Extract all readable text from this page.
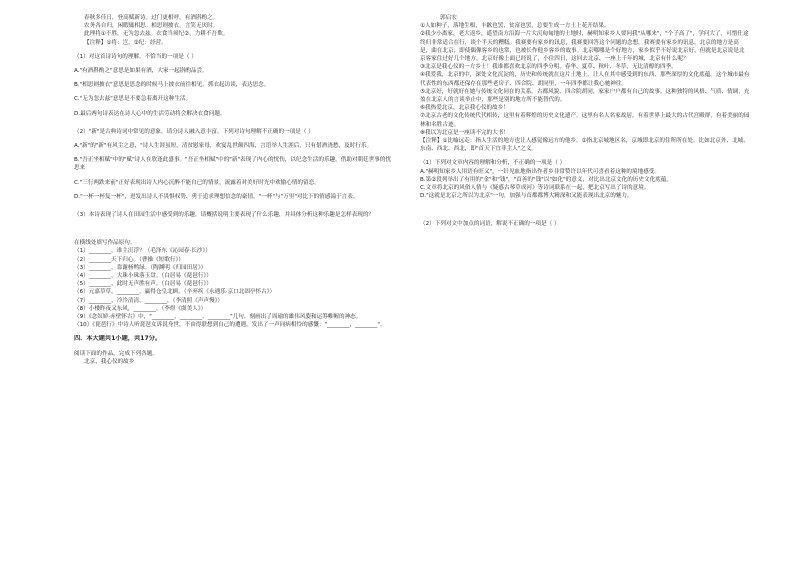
春秋多佳日，登高赋新诗。过门更相呼，有酒斟酌之。
农务各自归，闲暇辄相思。相思则披衣，言笑无厌时。
此理将①不胜，无为忽去兹。衣食当须纪②，力耕不吾欺。
【注释】①将：岂。②纪：经营。
（1）对这首诗诗句的理解，不恰当的一项是（ ）
A."有酒斟酌之"意思是如果有酒，大家一起斟酌品尝。
B."相思则披衣"意思是思念的时候马上披衣前往相见，抓衣起访谈，表达思念。
C."无为忽去兹"意思是不要急着离开这种生活。
D.最后两句诗表达在诗人心中的生活劳动将会解决衣食问题。
（2）"新"是古典诗词中常见的意象，请分诗人融入意丰富。下列对诗句理解不正确的一项是（ ）
A."新"的"新"有风尘之意，"诗人生涯虽短，清贫慰家母，欢宴乱世颠四海，言语举人生涯后，只有借酒浇愁，及时行乐。
B."吾正坐相赋"中的"赋"诗人在欣逢此盛事。"吾正坐相赋"中的"新"表现了内心的忧伤，以纪念生活的乐趣，借助对朝廷世事的忧思来
C."三行两跌来前"正好表现出诗人内心沉醉不能自已的情景，流露着对美好时光中欢愉心情的留恋。
D."一杯一杯复一杯"，迸发出诗人不畏惧权势、勇于追求理想信念的豪情，"一杯"与"万里"对比下的情感溢于言表。
（3）本诗表现了诗人在田园生活中感受到的乐趣，请概括说明主要表现了什么乐趣，并具体分析这种乐趣是怎样表现的？
在横线处填写作品原句。
（1）________，谁主沉浮？（毛泽东《沁园春·长沙》）
（2）________天下归心。（曹操《短歌行》）
（3）________，靠谢杨鸭绿。（陶渊明《归园田居》）
（4）________，大珠小珠落玉盘。（白居易《琵琶行》）
（5）________，此时无声胜有声。（白居易《琵琶行》）
（6）元嘉草草，________，赢得仓皇北顾。（辛弃疾《永遇乐·京口北固亭怀古》）
（7）________，冷冷清清，________，（李清照《声声慢》）
（8）小楼昨夜又东风，________。（李煜《虞美人》）
（9）《念奴娇·赤壁怀古》中，"________，________，________"几句，刻画出了周瑜的雄伟风姿和运筹帷幄的神态。
（10）《琵琶行》中诗人听琵琶女诉说身世，不由得联想到自己的遭遇，发出了一声同病相怜的感慨："________，________"。
四．本大题共1小题，共17分。
阅读下面的作品，完成下列各题。
北京，我心仪的故乡
郭启宏
①人如种子，落地生根，丰歉也罢，贫富也罢，总要生成一方土上花开结果。
②我少小离家，老大返乡，遥望南方沿海一片大沉甸甸地的土地时，赫明知家乡人要问我"从哪来"，"个子高了"，学问大了，可惜仕途终归非常适合在行，谈个半天的糟糕。我赛要有家乡的讯息，我赛要回答这个问题的念想。我赛要有家乡的讯息，北京的地方是高是，曲在北京，即使偶像客乡的也常，也被长作他乡客乡的故事。北京哪哪是个好地方，家乡似乎不好说北京好，但就是北京说是北京客家住过好几个地方，北京好像上面已经说了，小住四日，这回去北京，一座上千年的城，北京有什么呢？
③北京是我心仪的一方乡土！我谁都喜欢北京的四季分明，春华、夏草、秋叶、冬草，无比清醇的四季。
④我爱我，北京的中，深处文化沉淀的，历史和传统就在这片土地上，让人在其中感受到的东西，那些深厚的文化底蕴。这个城市最有代表性的东西都还保存在那些老房子、四合院、胡同里，一年四季都让我心驰神往。
⑤北京好，好就好在她与传统文化同在的关系。古都风貌、四合院胡同，家家户户都有自己的故事。这种独特的风格、气质、情调，充盈在北京人的言谈举止中，那些是别的地方所不能替代的。
⑥我热爱北京，北京我心仪的故乡！
⑦北京古老的文化传统代代相传，这里有着辉煌的历史文化遗产。这里有名人名家故居，有着世界上最大的古代宫殿群，有着美丽的园林和名胜古迹。
⑧我以为北京是一座读不完的大书！
【注释】①比喻远走：指人生活的地方也让人感觉像远方的他乡。②指北京城地区名，京城即北京的住所所在处。比如北京外、北城、东南、西北、西北，即"首天下宜非主人"之义。
（1）下列对文章内容的理解和分析，不正确的一项是（ ）
A."赫明知家乡人用语有旺又"，一针见血地指出作者乡非常赞许以年代可喜看着这种的境地感受。
B.第②段列举出了有用的"金"和"钱"，"首善的"钱"以"如化"的意义，对比出北京文化的历史文化底蕴。
C.文章将北京的风俗人情与《疑惑古琴草成河》等诗词联系在一起，把北京写出了诗的意境。
D."这就是北京之所以为北京"一句，加强与首都都博大精深和又能表现出北京的魅力。
（2）下列对文中加点的词语，解说不正确的一项是（ ）
